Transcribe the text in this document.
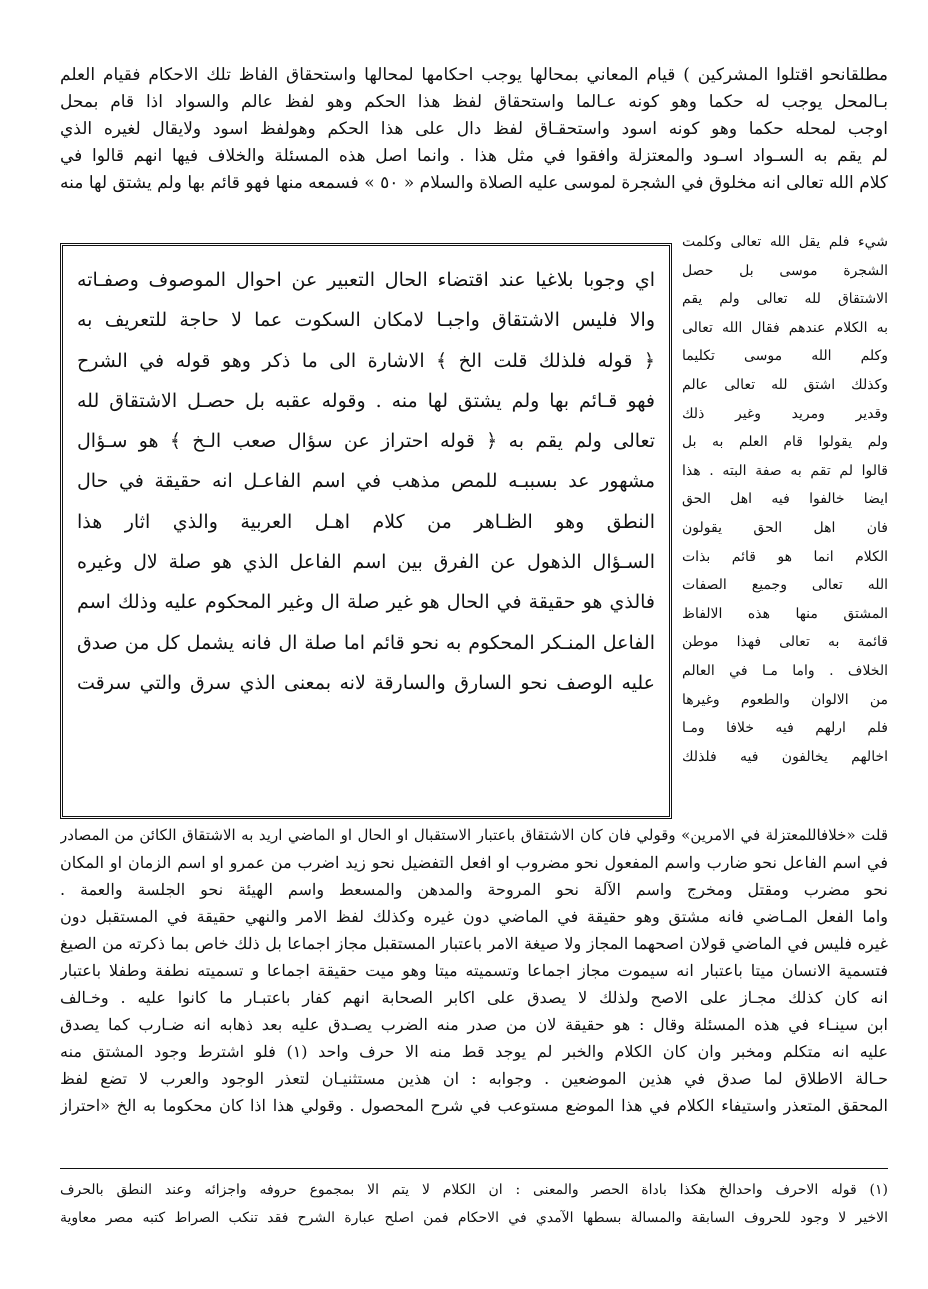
مطلقانحو اقتلوا المشركين ) قيام المعاني بمحالها يوجب احكامها لمحالها واستحقاق الفاظ تلك الاحكام فقيام العلم
بـالمحل يوجب له حكما وهو كونه عـالما واستحقاق لفظ هذا الحكم وهو لفظ عالم والسواد اذا قام بمحل
اوجب لمحله حكما وهو كونه اسود واستحقـاق لفظ دال على هذا الحكم وهولفظ اسود ولايقال لغيره الذي
لم يقم به السـواد اسـود والمعتزلة وافقوا في مثل هذا . وانما اصل هذه المسئلة والخلاف فيها انهم قالوا في
كلام الله تعالى انه مخلوق في الشجرة لموسى عليه الصلاة والسلام « ٥٠ » فسمعه منها فهو قائم بها ولم يشتق لها منه
شيء فلم يقل الله تعالى وكلمت
الشجرة موسى بل حصل
الاشتقاق لله تعالى ولم يقم
به الكلام عندهم فقال الله تعالى
وكلم الله موسى تكليما
وكذلك اشتق لله تعالى عالم
وقدير ومريد وغير ذلك
ولم يقولوا قام العلم به بل
قالوا لم تقم به صفة البته . هذا
ايضا خالفوا فيه اهل الحق
فان اهل الحق يقولون
الكلام انما هو قائم بذات
الله تعالى وجميع الصفات
المشتق منها هذه الالفاظ
قائمة به تعالى فهذا موطن
الخلاف . واما مـا في العالم
من الالوان والطعوم وغيرها
فلم ارلهم فيه خلافا ومـا
اخالهم يخالفون فيه فلذلك
اي وجوبا بلاغيا عند اقتضاء الحال التعبير عن احوال الموصوف وصفـاته
والا فليس الاشتقاق واجبـا لامكان السكوت عما لا حاجة للتعريف به
﴿ قوله فلذلك قلت الخ ﴾ الاشارة الى ما ذكر وهو قوله في الشرح
فهو قـائم بها ولم يشتق لها منه . وقوله عقبه بل حصـل الاشتقاق لله
تعالى ولم يقم به ﴿ قوله احتراز عن سؤال صعب الـخ ﴾ هو سـؤال
مشهور عد بسببـه للمص مذهب في اسم الفاعـل انه حقيقة في حال
النطق وهو الظـاهر من كلام اهـل العربية والذي اثار هذا
السـؤال الذهول عن الفرق بين اسم الفاعل الذي هو صلة لال وغيره
فالذي هو حقيقة في الحال هو غير صلة ال وغير المحكوم عليه وذلك اسم
الفاعل المنـكر المحكوم به نحو قائم اما صلة ال فانه يشمل كل من صدق
عليه الوصف نحو السارق والسارقة لانه بمعنى الذي سرق والتي سرقت
قلت «خلافاللمعتزلة في الامرين» وقولي فان كان الاشتقاق باعتبار الاستقبال او الحال او الماضي اريد به الاشتقاق الكائن من المصادر
في اسم الفاعل نحو ضارب واسم المفعول نحو مضروب او افعل التفضيل نحو زيد اضرب من عمرو او اسم الزمان او المكان
نحو مضرب ومقتل ومخرج واسم الآلة نحو المروحة والمدهن والمسعط واسم الهيئة نحو الجلسة والعمة .
واما الفعل المـاضي فانه مشتق وهو حقيقة في الماضي دون غيره وكذلك لفظ الامر والنهي حقيقة في المستقبل دون
غيره فليس في الماضي قولان اصحهما المجاز ولا صيغة الامر باعتبار المستقبل مجاز اجماعا بل ذلك خاص بما ذكرته من الصيغ
فتسمية الانسان ميتا باعتبار انه سيموت مجاز اجماعا وتسميته ميتا وهو ميت حقيقة اجماعا و تسميته نطفة وطفلا باعتبار
انه كان كذلك مجـاز على الاصح ولذلك لا يصدق على اكابر الصحابة انهم كفار باعتبـار ما كانوا عليه . وخـالف
ابن سينـاء في هذه المسئلة وقال : هو حقيقة لان من صدر منه الضرب يصـدق عليه بعد ذهابه انه ضـارب كما يصدق
عليه انه متكلم ومخبر وان كان الكلام والخبر لم يوجد قط منه الا حرف واحد (١) فلو اشترط وجود المشتق منه
حـالة الاطلاق لما صدق في هذين الموضعين . وجوابه : ان هذين مستثنيـان لتعذر الوجود والعرب لا تضع لفظ
المحقق المتعذر واستيفاء الكلام في هذا الموضع مستوعب في شرح المحصول . وقولي هذا اذا كان محكوما به الخ «احتراز
(١) قوله الاحرف واحدالخ هكذا باداة الحصر والمعنى : ان الكلام لا يتم الا بمجموع حروفه واجزائه وعند النطق بالحرف
الاخير لا وجود للحروف السابقة والمسالة بسطها الآمدي في الاحكام فمن اصلح عبارة الشرح فقد تنكب الصراط كتبه مصر معاوية
